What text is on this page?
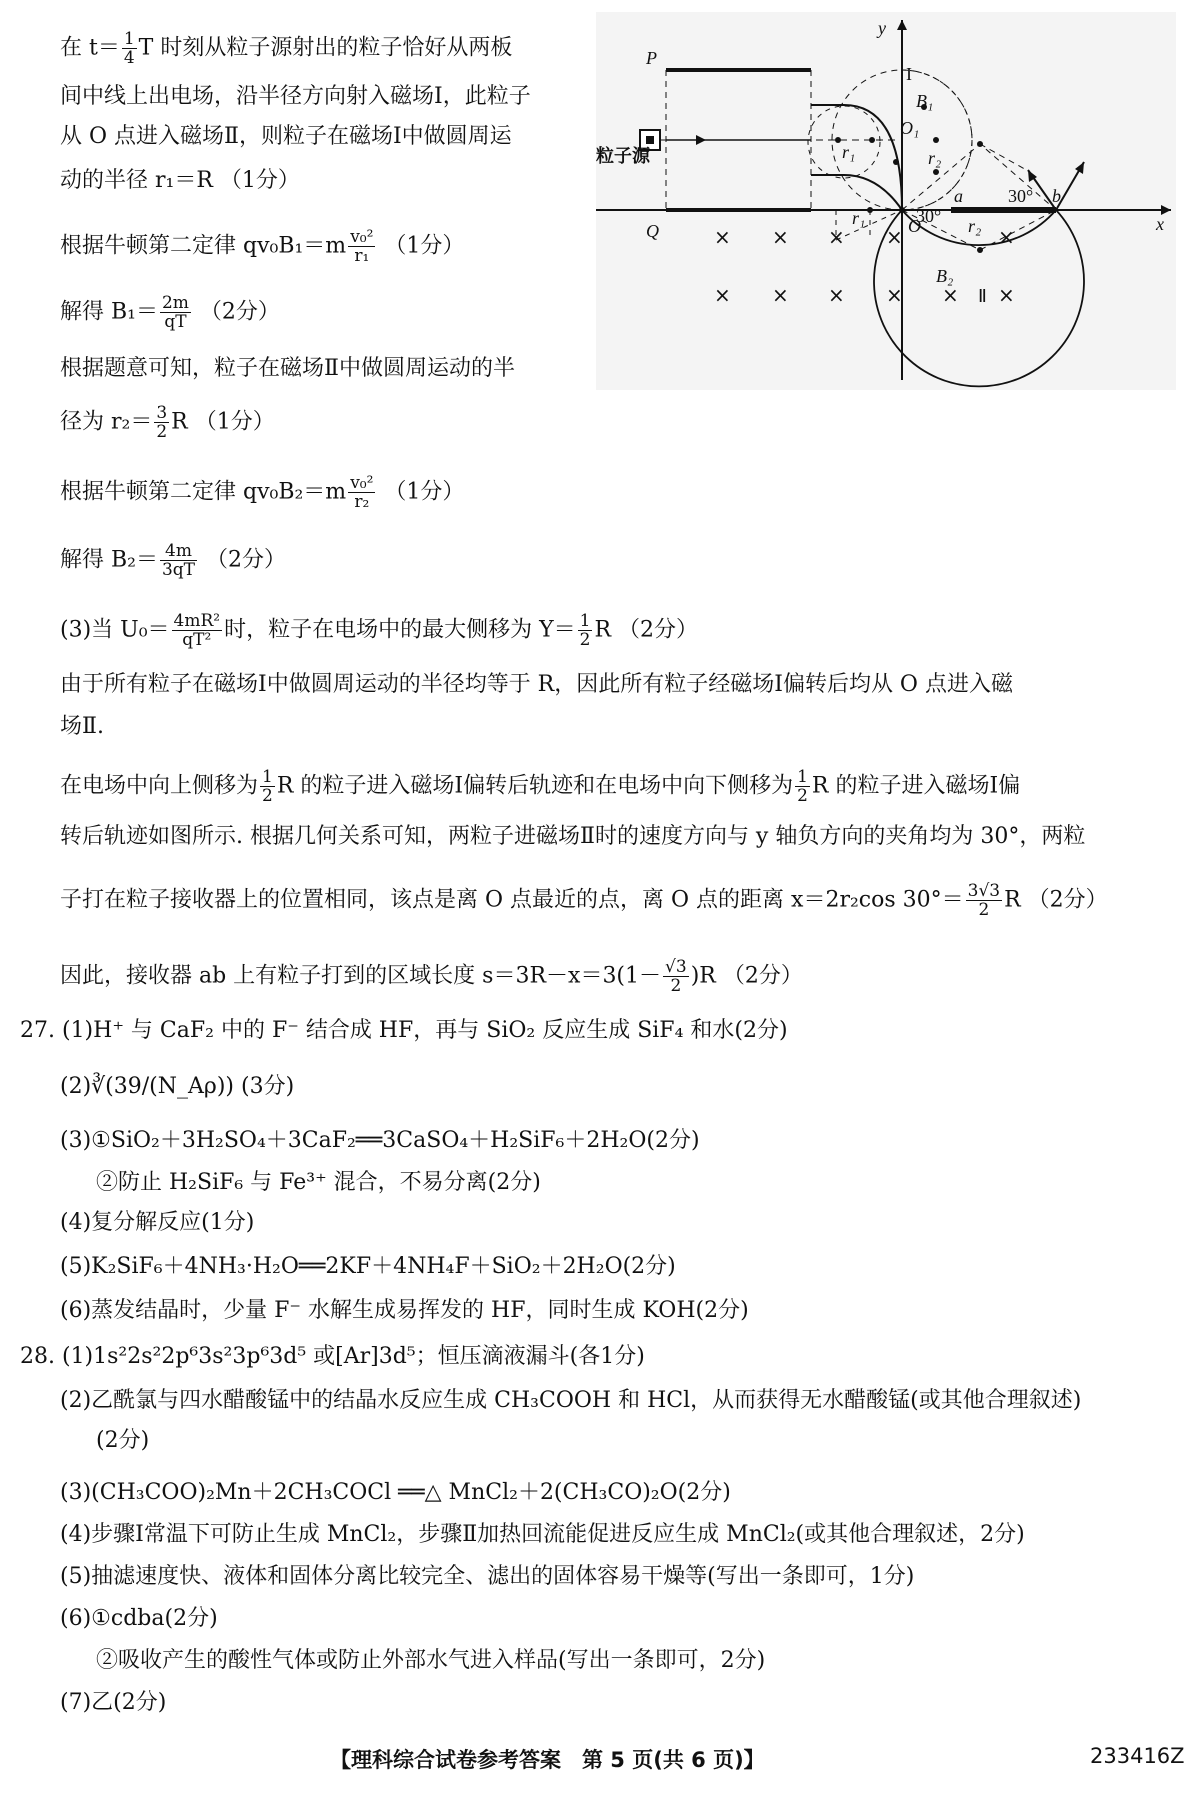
在 $t= \frac{1}{4}$ T 时刻从粒子源射出的粒子恰好从两板
间中线上出电场，沿半径方向射入磁场Ⅰ，此粒子
从 O 点进入磁场Ⅱ，则粒子在磁场Ⅰ中做圆周运
动的半径 r₁＝R （1分）
根据牛顿第二定律 $qv_0B_1=m \frac{\text{v₀²}}{\text{r₁}} (1$分）
解得 $B_1= \frac{2m}{qT} (2$分）
根据题意可知，粒子在磁场Ⅱ中做圆周运动的半
径为 $r_2= \frac{3}{2}$ R （1分）
根据牛顿第二定律 $qv_0B_2=m \frac{\text{v₀²}}{\text{r₂}} (1$分）
解得 $B_2= \frac{4m}{3qT} (2$分）
(3)当 $U_0= \frac{\text{4mR²}}{\text{qT²}}$ 时，粒子在电场中的最大侧移为 $Y= \frac{1}{2}$ R （2分）
由于所有粒子在磁场Ⅰ中做圆周运动的半径均等于 R，因此所有粒子经磁场Ⅰ偏转后均从 O 点进入磁
场Ⅱ.
在电场中向上侧移为 $\frac{1}{2}$ R 的粒子进入磁场Ⅰ偏转后轨迹和在电场中向下侧移为 $\frac{1}{2}$ R 的粒子进入磁场Ⅰ偏
转后轨迹如图所示. 根据几何关系可知，两粒子进磁场Ⅱ时的速度方向与 y 轴负方向的夹角均为 30°，两粒
子打在粒子接收器上的位置相同，该点是离 O 点最近的点，离 O 点的距离 x＝2r₂cos $30^\circ= \frac{3√3}{2}$ R （2分）
因此，接收器 ab 上有粒子打到的区域长度 $s=3R-x=3(1- \frac{√3}{2} )R$ （2分）
× × × ×	×
× × × × × ×
P
Q
y
x
O
O₁
B₁
B₂
r₁
r₁
r₂
r₂
a	b
I
Ⅱ
30°
30°
粒子源
27. (1)H⁺ 与 CaF₂ 中的 F⁻ 结合成 HF，再与 SiO₂ 反应生成 SiF₄ 和水(2分)
(2)∛(39/(N_Aρ)) (3分)
(3)①SiO₂＋3H₂SO₄＋3CaF₂══3CaSO₄＋H₂SiF₆＋2H₂O(2分)
②防止 H₂SiF₆ 与 Fe³⁺ 混合，不易分离(2分)
(4)复分解反应(1分)
(5)K₂SiF₆＋4NH₃·H₂O══2KF＋4NH₄F＋SiO₂＋2H₂O(2分)
(6)蒸发结晶时，少量 F⁻ 水解生成易挥发的 HF，同时生成 KOH(2分)
28. (1)1s²2s²2p⁶3s²3p⁶3d⁵ 或[Ar]3d⁵；恒压滴液漏斗(各1分)
(2)乙酰氯与四水醋酸锰中的结晶水反应生成 CH₃COOH 和 HCl，从而获得无水醋酸锰(或其他合理叙述)
(2分)
(3)(CH₃COO)₂Mn＋2CH₃COCl ══△ MnCl₂＋2(CH₃CO)₂O(2分)
(4)步骤Ⅰ常温下可防止生成 MnCl₂，步骤Ⅱ加热回流能促进反应生成 MnCl₂(或其他合理叙述，2分)
(5)抽滤速度快、液体和固体分离比较完全、滤出的固体容易干燥等(写出一条即可，1分)
(6)①cdba(2分)
②吸收产生的酸性气体或防止外部水气进入样品(写出一条即可，2分)
(7)乙(2分)
【理科综合试卷参考答案　第 5 页(共 6 页)】	233416Z
